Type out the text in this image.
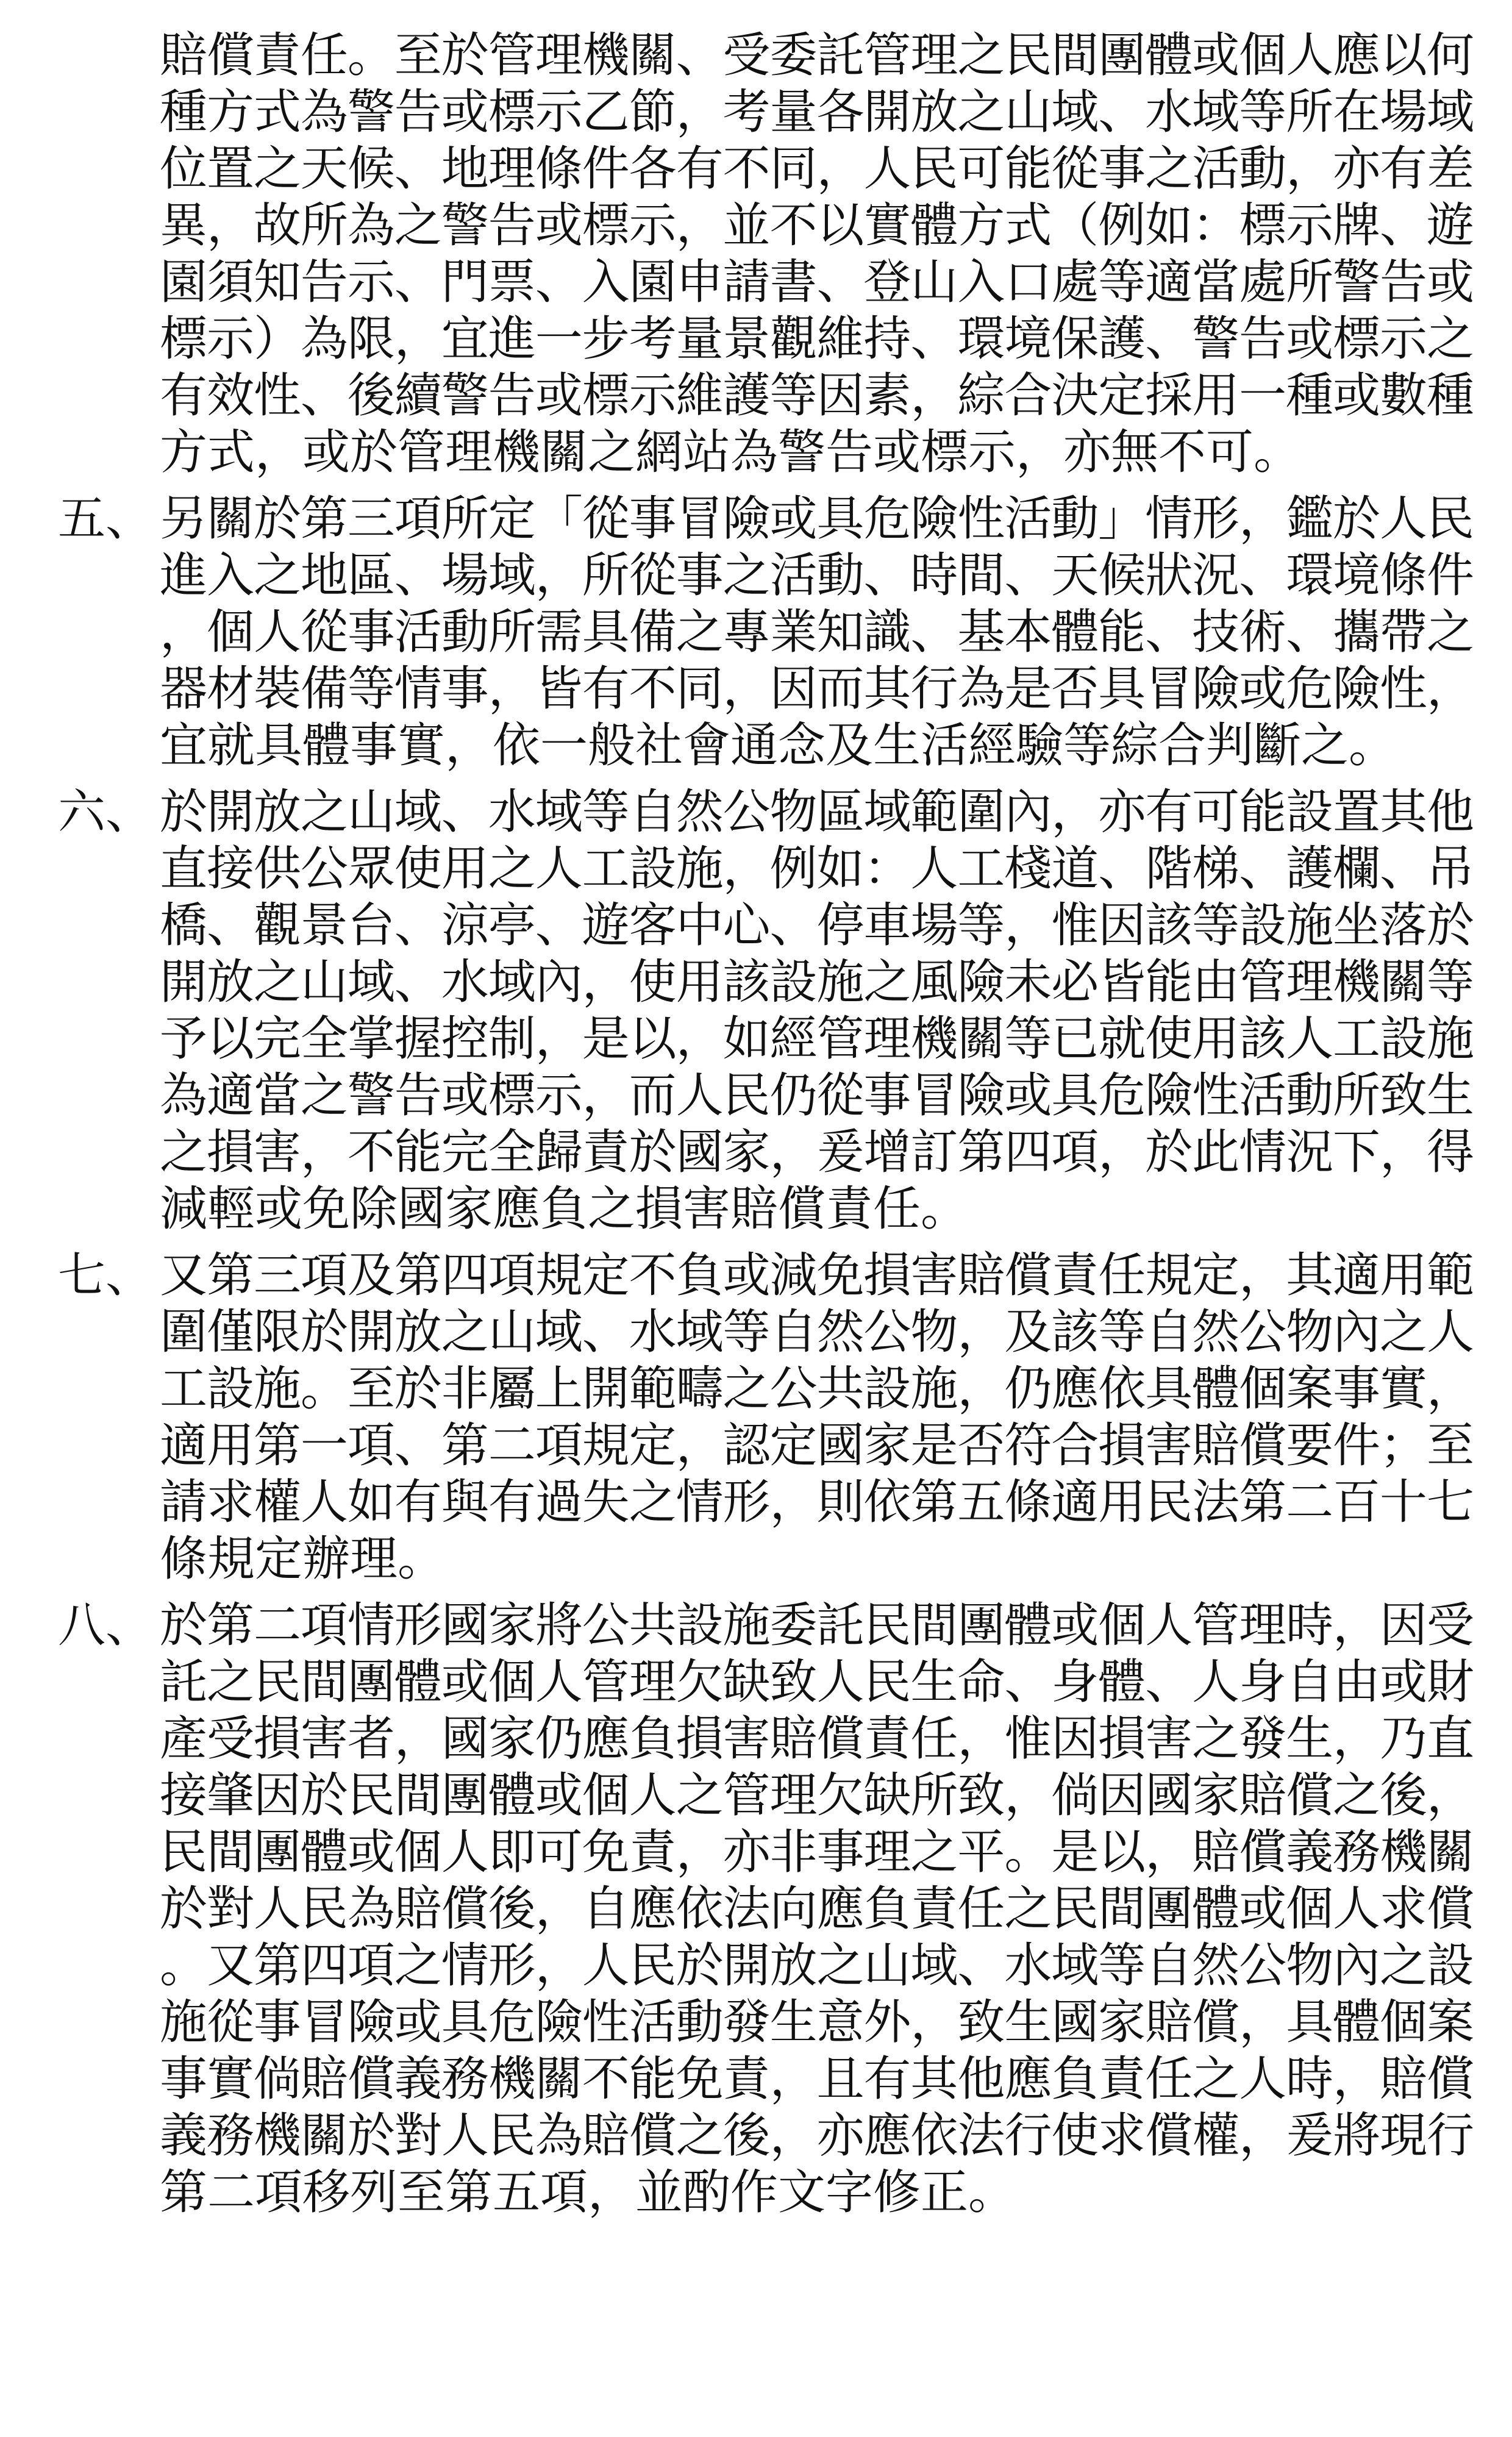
賠償責任。至於管理機關、受委託管理之民間團體或個人應以何
種方式為警告或標示乙節，考量各開放之山域、水域等所在場域
位置之天候、地理條件各有不同，人民可能從事之活動，亦有差
異，故所為之警告或標示，並不以實體方式（例如：標示牌、遊
園須知告示、門票、入園申請書、登山入口處等適當處所警告或
標示）為限，宜進一步考量景觀維持、環境保護、警告或標示之
有效性、後續警告或標示維護等因素，綜合決定採用一種或數種
方式，或於管理機關之網站為警告或標示，亦無不可。
五、 另關於第三項所定「從事冒險或具危險性活動」情形，鑑於人民
進入之地區、場域，所從事之活動、時間、天候狀況、環境條件
，個人從事活動所需具備之專業知識、基本體能、技術、攜帶之
器材裝備等情事，皆有不同，因而其行為是否具冒險或危險性，
宜就具體事實，依一般社會通念及生活經驗等綜合判斷之。
六、 於開放之山域、水域等自然公物區域範圍內，亦有可能設置其他
直接供公眾使用之人工設施，例如：人工棧道、階梯、護欄、吊
橋、觀景台、涼亭、遊客中心、停車場等，惟因該等設施坐落於
開放之山域、水域內，使用該設施之風險未必皆能由管理機關等
予以完全掌握控制，是以，如經管理機關等已就使用該人工設施
為適當之警告或標示，而人民仍從事冒險或具危險性活動所致生
之損害，不能完全歸責於國家，爰增訂第四項，於此情況下，得
減輕或免除國家應負之損害賠償責任。
七、 又第三項及第四項規定不負或減免損害賠償責任規定，其適用範
圍僅限於開放之山域、水域等自然公物，及該等自然公物內之人
工設施。至於非屬上開範疇之公共設施，仍應依具體個案事實，
適用第一項、第二項規定，認定國家是否符合損害賠償要件；至
請求權人如有與有過失之情形，則依第五條適用民法第二百十七
條規定辦理。
八、 於第二項情形國家將公共設施委託民間團體或個人管理時，因受
託之民間團體或個人管理欠缺致人民生命、身體、人身自由或財
產受損害者，國家仍應負損害賠償責任，惟因損害之發生，乃直
接肇因於民間團體或個人之管理欠缺所致，倘因國家賠償之後，
民間團體或個人即可免責，亦非事理之平。是以，賠償義務機關
於對人民為賠償後，自應依法向應負責任之民間團體或個人求償
。又第四項之情形，人民於開放之山域、水域等自然公物內之設
施從事冒險或具危險性活動發生意外，致生國家賠償，具體個案
事實倘賠償義務機關不能免責，且有其他應負責任之人時，賠償
義務機關於對人民為賠償之後，亦應依法行使求償權，爰將現行
第二項移列至第五項，並酌作文字修正。
